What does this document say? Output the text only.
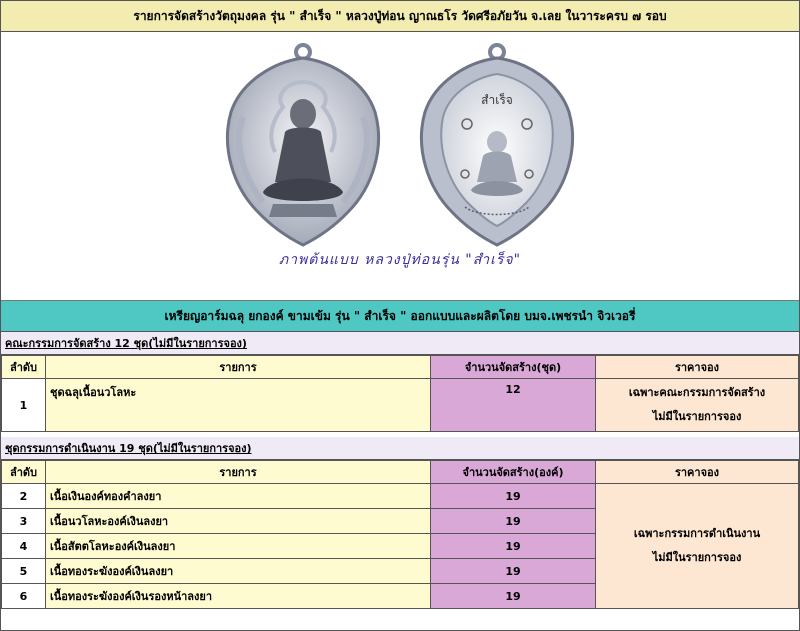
รายการจัดสร้างวัตถุมงคล รุ่น " สำเร็จ " หลวงปู่ท่อน ญาณธโร วัดศรีอภัยวัน จ.เลย ในวาระครบ ๗ รอบ
สำเร็จ
ภาพต้นแบบ หลวงปู่ท่อนรุ่น "สำเร็จ"
เหรียญอาร์มฉลุ ยกองค์ ขามเข้ม รุ่น " สำเร็จ " ออกแบบและผลิตโดย บมจ.เพชรนำ จิวเวอรี่
คณะกรรมการจัดสร้าง 12 ชุด(ไม่มีในรายการจอง)
ลำดับ	รายการ	จำนวนจัดสร้าง(ชุด)	ราคาจอง
1	ชุดฉลุเนื้อนวโลหะ	12	เฉพาะคณะกรรมการจัดสร้าง
ไม่มีในรายการจอง
ชุดกรรมการดำเนินงาน 19 ชุด(ไม่มีในรายการจอง)
ลำดับ	รายการ	จำนวนจัดสร้าง(องค์)	ราคาจอง
2	เนื้อเงินองค์ทองคำลงยา	19	เฉพาะกรรมการดำเนินงาน
ไม่มีในรายการจอง

3	เนื้อนวโลหะองค์เงินลงยา	19	
4	เนื้อสัตตโลหะองค์เงินลงยา	19	
5	เนื้อทองระฆังองค์เงินลงยา	19	
6	เนื้อทองระฆังองค์เงินรองหน้าลงยา	19	
